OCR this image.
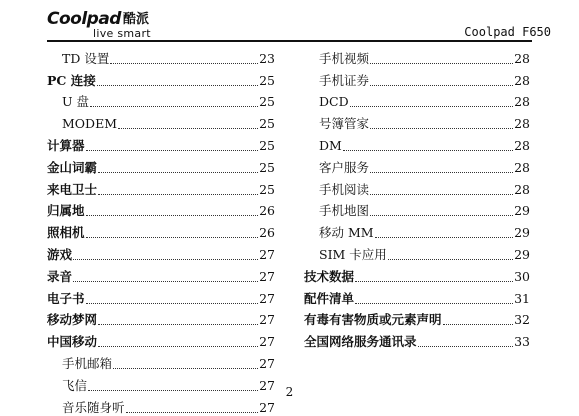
Coolpad 酷派
live smart	Coolpad F650
TD 设置	23
PC 连接	25
U 盘	25
MODEM	25
计算器	25
金山词霸	25
来电卫士	25
归属地	26
照相机	26
游戏	27
录音	27
电子书	27
移动梦网	27
中国移动	27
手机邮箱	27
飞信	27
音乐随身听	27
手机视频	28
手机证券	28
DCD	28
号簿管家	28
DM	28
客户服务	28
手机阅读	28
手机地图	29
移动 MM	29
SIM 卡应用	29
技术数据	30
配件清单	31
有毒有害物质或元素声明	32
全国网络服务通讯录	33
2
